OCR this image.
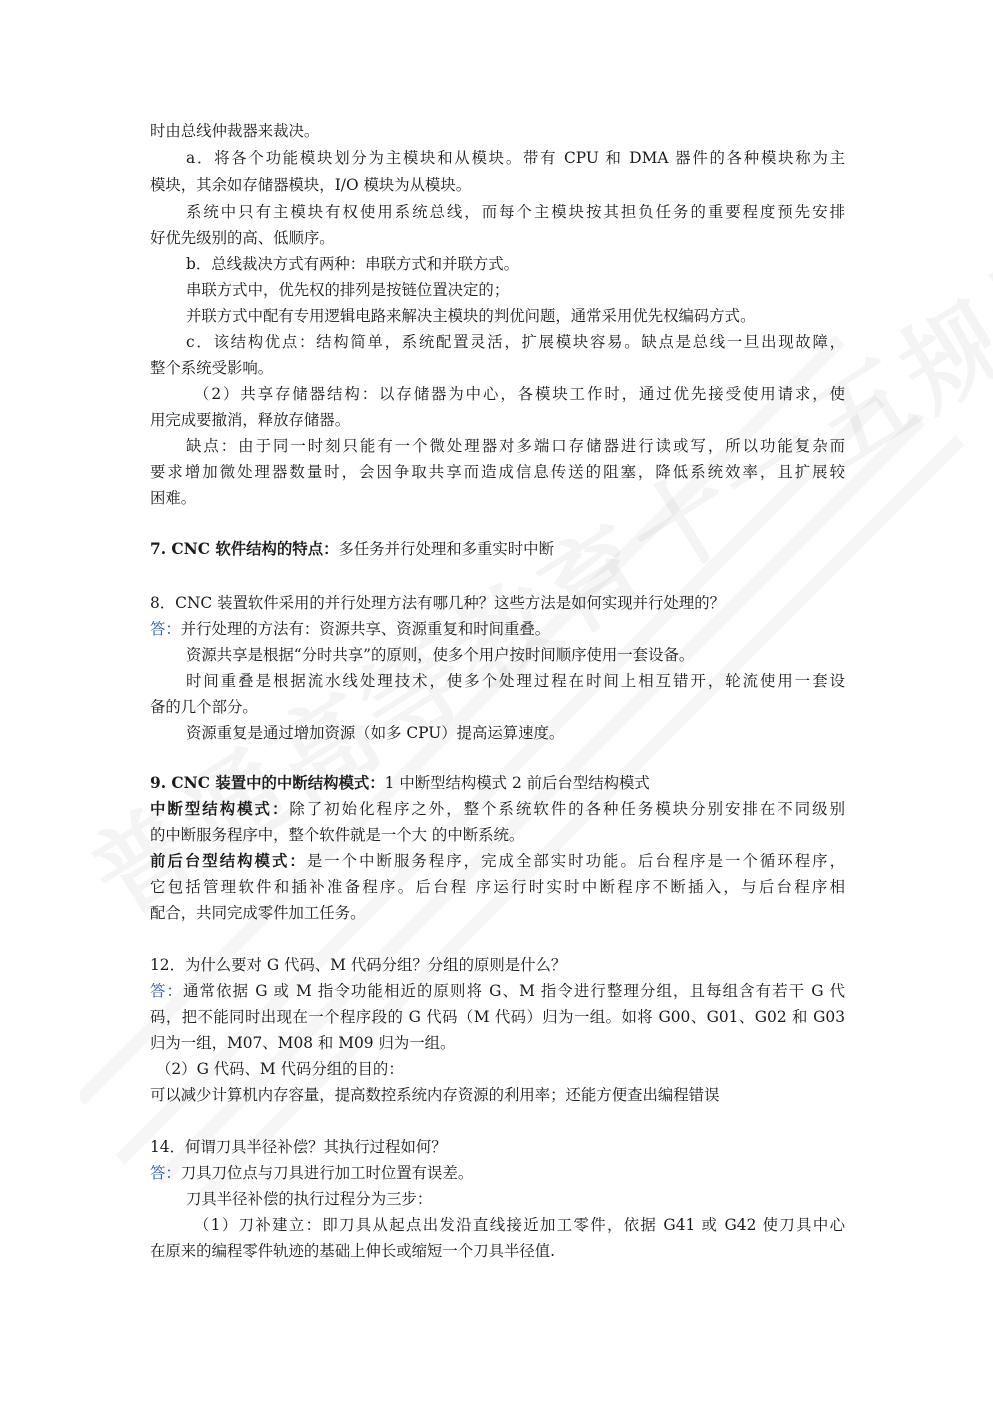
时由总线仲裁器来裁决。
a．将各个功能模块划分为主模块和从模块。带有 CPU 和 DMA 器件的各种模块称为主
模块，其余如存储器模块，I/O 模块为从模块。
系统中只有主模块有权使用系统总线，而每个主模块按其担负任务的重要程度预先安排
好优先级别的高、低顺序。
b．总线裁决方式有两种：串联方式和并联方式。
串联方式中，优先权的排列是按链位置决定的；
并联方式中配有专用逻辑电路来解决主模块的判优问题，通常采用优先权编码方式。
c．该结构优点：结构简单，系统配置灵活，扩展模块容易。缺点是总线一旦出现故障，
整个系统受影响。
（2）共享存储器结构：以存储器为中心，各模块工作时，通过优先接受使用请求，使
用完成要撤消，释放存储器。
缺点：由于同一时刻只能有一个微处理器对多端口存储器进行读或写，所以功能复杂而
要求增加微处理器数量时，会因争取共享而造成信息传送的阻塞，降低系统效率，且扩展较
困难。
7. CNC 软件结构的特点：多任务并行处理和多重实时中断
8．CNC 装置软件采用的并行处理方法有哪几种？这些方法是如何实现并行处理的？
答：并行处理的方法有：资源共享、资源重复和时间重叠。
资源共享是根据“分时共享”的原则，使多个用户按时间顺序使用一套设备。
时间重叠是根据流水线处理技术，使多个处理过程在时间上相互错开，轮流使用一套设
备的几个部分。
资源重复是通过增加资源（如多 CPU）提高运算速度。
9. CNC 装置中的中断结构模式：1 中断型结构模式 2 前后台型结构模式
中断型结构模式：除了初始化程序之外，整个系统软件的各种任务模块分别安排在不同级别
的中断服务程序中，整个软件就是一个大 的中断系统。
前后台型结构模式：是一个中断服务程序，完成全部实时功能。后台程序是一个循环程序，
它包括管理软件和插补准备程序。后台程 序运行时实时中断程序不断插入，与后台程序相
配合，共同完成零件加工任务。
12．为什么要对 G 代码、M 代码分组？分组的原则是什么？
答：通常依据 G 或 M 指令功能相近的原则将 G、M 指令进行整理分组，且每组含有若干 G 代
码，把不能同时出现在一个程序段的 G 代码（M 代码）归为一组。如将 G00、G01、G02 和 G03
归为一组，M07、M08 和 M09 归为一组。
（2）G 代码、M 代码分组的目的：
可以减少计算机内存容量，提高数控系统内存资源的利用率；还能方便查出编程错误
14．何谓刀具半径补偿？其执行过程如何？
答：刀具刀位点与刀具进行加工时位置有误差。
刀具半径补偿的执行过程分为三步：
（1）刀补建立：即刀具从起点出发沿直线接近加工零件，依据 G41 或 G42 使刀具中心
在原来的编程零件轨迹的基础上伸长或缩短一个刀具半径值.
